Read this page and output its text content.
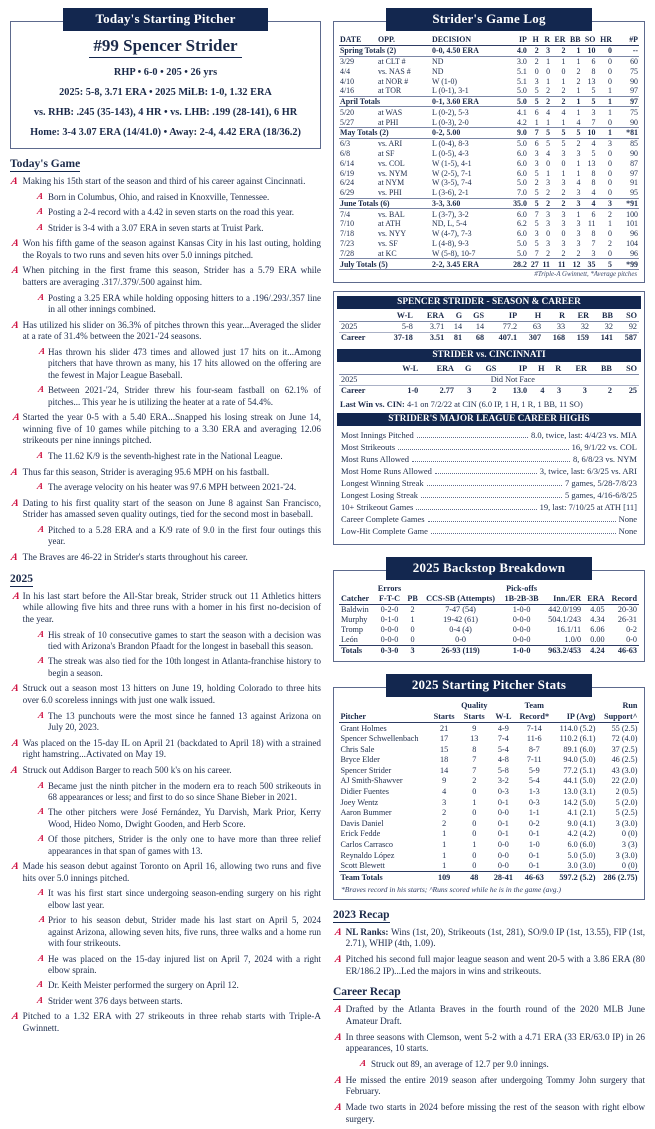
Today's Starting Pitcher
#99 Spencer Strider
RHP • 6-0 • 205 • 26 yrs
2025: 5-8, 3.71 ERA • 2025 MiLB: 1-0, 1.32 ERA
vs. RHB: .245 (35-143), 4 HR • vs. LHB: .199 (28-141), 6 HR
Home: 3-4 3.07 ERA (14/41.0) • Away: 2-4, 4.42 ERA (18/36.2)
Today's Game
A Making his 15th start of the season and third of his career against Cincinnati.
A Born in Columbus, Ohio, and raised in Knoxville, Tennessee.
A Posting a 2-4 record with a 4.42 in seven starts on the road this year.
A Strider is 3-4 with a 3.07 ERA in seven starts at Truist Park.
A Won his fifth game of the season against Kansas City in his last outing, holding the Royals to two runs and seven hits over 5.0 innings pitched.
A When pitching in the first frame this season, Strider has a 5.79 ERA while batters are averaging .317/.379/.500 against him.
A Posting a 3.25 ERA while holding opposing hitters to a .196/.293/.357 line in all other innings combined.
A Has utilized his slider on 36.3% of pitches thrown this year...Averaged the slider at a rate of 31.4% between the 2021-'24 seasons.
A Has thrown his slider 473 times and allowed just 17 hits on it...Among pitchers that have thrown as many, his 17 hits allowed on the offering are the fewest in Major League Baseball.
A Between 2021-'24, Strider threw his four-seam fastball on 62.1% of pitches... This year he is utilizing the heater at a rate of 54.4%.
A Started the year 0-5 with a 5.40 ERA...Snapped his losing streak on June 14, winning five of 10 games while pitching to a 3.30 ERA and averaging 12.06 strikeouts per nine innings pitched.
A The 11.62 K/9 is the seventh-highest rate in the National League.
A Thus far this season, Strider is averaging 95.6 MPH on his fastball.
A The average velocity on his heater was 97.6 MPH between 2021-'24.
A Dating to his first quality start of the season on June 8 against San Francisco, Strider has amassed seven quality outings, tied for the second most in baseball.
A Pitched to a 5.28 ERA and a K/9 rate of 9.0 in the first four outings this year.
A The Braves are 46-22 in Strider's starts throughout his career.
2025
A In his last start before the All-Star break, Strider struck out 11 Athletics hitters while allowing five hits and three runs with a homer in his first no-decision of the year.
A His streak of 10 consecutive games to start the season with a decision was tied with Arizona's Brandon Pfaadt for the longest in baseball this season.
A The streak was also tied for the 10th longest in Atlanta-franchise history to begin a season.
A Struck out a season most 13 hitters on June 19, holding Colorado to three hits over 6.0 scoreless innings with just one walk issued.
A The 13 punchouts were the most since he fanned 13 against Arizona on July 20, 2023.
A Was placed on the 15-day IL on April 21 (backdated to April 18) with a strained right hamstring...Activated on May 19.
A Struck out Addison Barger to reach 500 k's on his career.
A Became just the ninth pitcher in the modern era to reach 500 strikeouts in 68 appearances or less; and first to do so since Shane Bieber in 2021.
A The other pitchers were José Fernández, Yu Darvish, Mark Prior, Kerry Wood, Hideo Nomo, Dwight Gooden, and Herb Score.
A Of those pitchers, Strider is the only one to have more than three relief appearances in that span of games with 13.
A Made his season debut against Toronto on April 16, allowing two runs and five hits over 5.0 innings pitched.
A It was his first start since undergoing season-ending surgery on his right elbow last year.
A Prior to his season debut, Strider made his last start on April 5, 2024 against Arizona, allowing seven hits, five runs, three walks and a home run with four strikeouts.
A He was placed on the 15-day injured list on April 7, 2024 with a right elbow sprain.
A Dr. Keith Meister performed the surgery on April 12.
A Strider went 376 days between starts.
A Pitched to a 1.32 ERA with 27 strikeouts in three rehab starts with Triple-A Gwinnett.
Strider's Game Log
DATE	OPP.	DECISION	IP	H	R	ER	BB	SO	HR	#P
Spring Totals (2)		0-0, 4.50 ERA	4.0	2	3	2	1	10	0	--
3/29	at CLT #	ND	3.0	2	1	1	1	6	0	60
4/4	vs. NAS #	ND	5.1	0	0	0	2	8	0	75
4/10	at NOR #	W (1-0)	5.1	3	1	1	2	13	0	90
4/16	at TOR	L (0-1), 3-1	5.0	5	2	2	1	5	1	97
April Totals		0-1, 3.60 ERA	5.0	5	2	2	1	5	1	97
5/20	at WAS	L (0-2), 5-3	4.1	6	4	4	1	3	1	75
5/27	at PHI	L (0-3), 2-0	4.2	1	1	1	4	7	0	90
May Totals (2)		0-2, 5.00	9.0	7	5	5	5	10	1	*81
6/3	vs. ARI	L (0-4), 8-3	5.0	6	5	5	2	4	3	85
6/8	at SF	L (0-5), 4-3	6.0	3	4	3	3	5	0	90
6/14	vs. COL	W (1-5), 4-1	6.0	3	0	0	1	13	0	87
6/19	vs. NYM	W (2-5), 7-1	6.0	5	1	1	1	8	0	97
6/24	at NYM	W (3-5), 7-4	5.0	2	3	3	4	8	0	91
6/29	vs. PHI	L (3-6), 2-1	7.0	5	2	2	3	4	0	95
June Totals (6)		3-3, 3.60	35.0	5	2	2	3	4	3	*91
7/4	vs. BAL	L (3-7), 3-2	6.0	7	3	3	1	6	2	100
7/10	at ATH	ND, L, 5-4	6.2	5	3	3	3	11	1	101
7/18	vs. NYY	W (4-7), 7-3	6.0	3	0	0	3	8	0	96
7/23	vs. SF	L (4-8), 9-3	5.0	5	3	3	3	7	2	104
7/28	at KC	W (5-8), 10-7	5.0	7	2	2	2	3	0	96
July Totals (5)		2-2, 3.45 ERA	28.2	27	11	11	12	35	5	*99
#Triple-A Gwinnett, *Average pitches
SPENCER STRIDER - SEASON & CAREER
	W-L	ERA	G	GS	IP	H	R	ER	BB	SO
2025	5-8	3.71	14	14	77.2	63	33	32	32	92
Career	37-18	3.51	81	68	407.1	307	168	159	141	587
STRIDER vs. CINCINNATI
	W-L	ERA	G	GS	IP	H	R	ER	BB	SO
2025	Did Not Face									
Career	1-0	2.77	3	2	13.0	4	3	3	2	25
Last Win vs. CIN: 4-1 on 7/2/22 at CIN (6.0 IP, 1 H, 1 R, 1 BB, 11 SO)
STRIDER'S MAJOR LEAGUE CAREER HIGHS
Most Innings Pitched	8.0, twice, last: 4/4/23 vs. MIA
Most Strikeouts	16, 9/1/22 vs. COL
Most Runs Allowed	8, 6/8/23 vs. NYM
Most Home Runs Allowed	3, twice, last: 6/3/25 vs. ARI
Longest Winning Streak	7 games, 5/28-7/8/23
Longest Losing Streak	5 games, 4/16-6/8/25
10+ Strikeout Games	19, last: 7/10/25 at ATH [11]
Career Complete Games	None
Low-Hit Complete Game	None
2025 Backstop Breakdown
	Errors			Pick-offs			
Catcher	F-T-C	PB	CCS-SB (Attempts)	1B-2B-3B	Inn./ER	ERA	Record
Baldwin	0-2-0	2	7-47 (54)	1-0-0	442.0/199	4.05	20-30
Murphy	0-1-0	1	19-42 (61)	0-0-0	504.1/243	4.34	26-31
Tromp	0-0-0	0	0-4 (4)	0-0-0	16.1/11	6.06	0-2
León	0-0-0	0	0-0	0-0-0	1.0/0	0.00	0-0
Totals	0-3-0	3	26-93 (119)	1-0-0	963.2/453	4.24	46-63
2025 Starting Pitcher Stats
		Quality		Team		Run
Pitcher	Starts	Starts	W-L	Record*	IP (Avg)	Support^
Grant Holmes	21	9	4-9	7-14	114.0 (5.2)	55 (2.5)
Spencer Schwellenbach	17	13	7-4	11-6	110.2 (6.1)	72 (4.0)
Chris Sale	15	8	5-4	8-7	89.1 (6.0)	37 (2.5)
Bryce Elder	18	7	4-8	7-11	94.0 (5.0)	46 (2.5)
Spencer Strider	14	7	5-8	5-9	77.2 (5.1)	43 (3.0)
AJ Smith-Shawver	9	2	3-2	5-4	44.1 (5.0)	22 (2.0)
Didier Fuentes	4	0	0-3	1-3	13.0 (3.1)	2 (0.5)
Joey Wentz	3	1	0-1	0-3	14.2 (5.0)	5 (2.0)
Aaron Bummer	2	0	0-0	1-1	4.1 (2.1)	5 (2.5)
Davis Daniel	2	0	0-1	0-2	9.0 (4.1)	3 (3.0)
Erick Fedde	1	0	0-1	0-1	4.2 (4.2)	0 (0)
Carlos Carrasco	1	1	0-0	1-0	6.0 (6.0)	3 (3)
Reynaldo López	1	0	0-0	0-1	5.0 (5.0)	3 (3.0)
Scott Blewett	1	0	0-0	0-1	3.0 (3.0)	0 (0)
Team Totals	109	48	28-41	46-63	597.2 (5.2)	286 (2.75)
*Braves record in his starts; ^Runs scored while he is in the game (avg.)
2023 Recap
A NL Ranks: Wins (1st, 20), Strikeouts (1st, 281), SO/9.0 IP (1st, 13.55), FIP (1st, 2.71), WHIP (4th, 1.09).
A Pitched his second full major league season and went 20-5 with a 3.86 ERA (80 ER/186.2 IP)...Led the majors in wins and strikeouts.
Career Recap
A Drafted by the Atlanta Braves in the fourth round of the 2020 MLB June Amateur Draft.
A In three seasons with Clemson, went 5-2 with a 4.71 ERA (33 ER/63.0 IP) in 26 appearances, 10 starts.
A Struck out 89, an average of 12.7 per 9.0 innings.
A He missed the entire 2019 season after undergoing Tommy John surgery that February.
A Made two starts in 2024 before missing the rest of the season with right elbow surgery.
